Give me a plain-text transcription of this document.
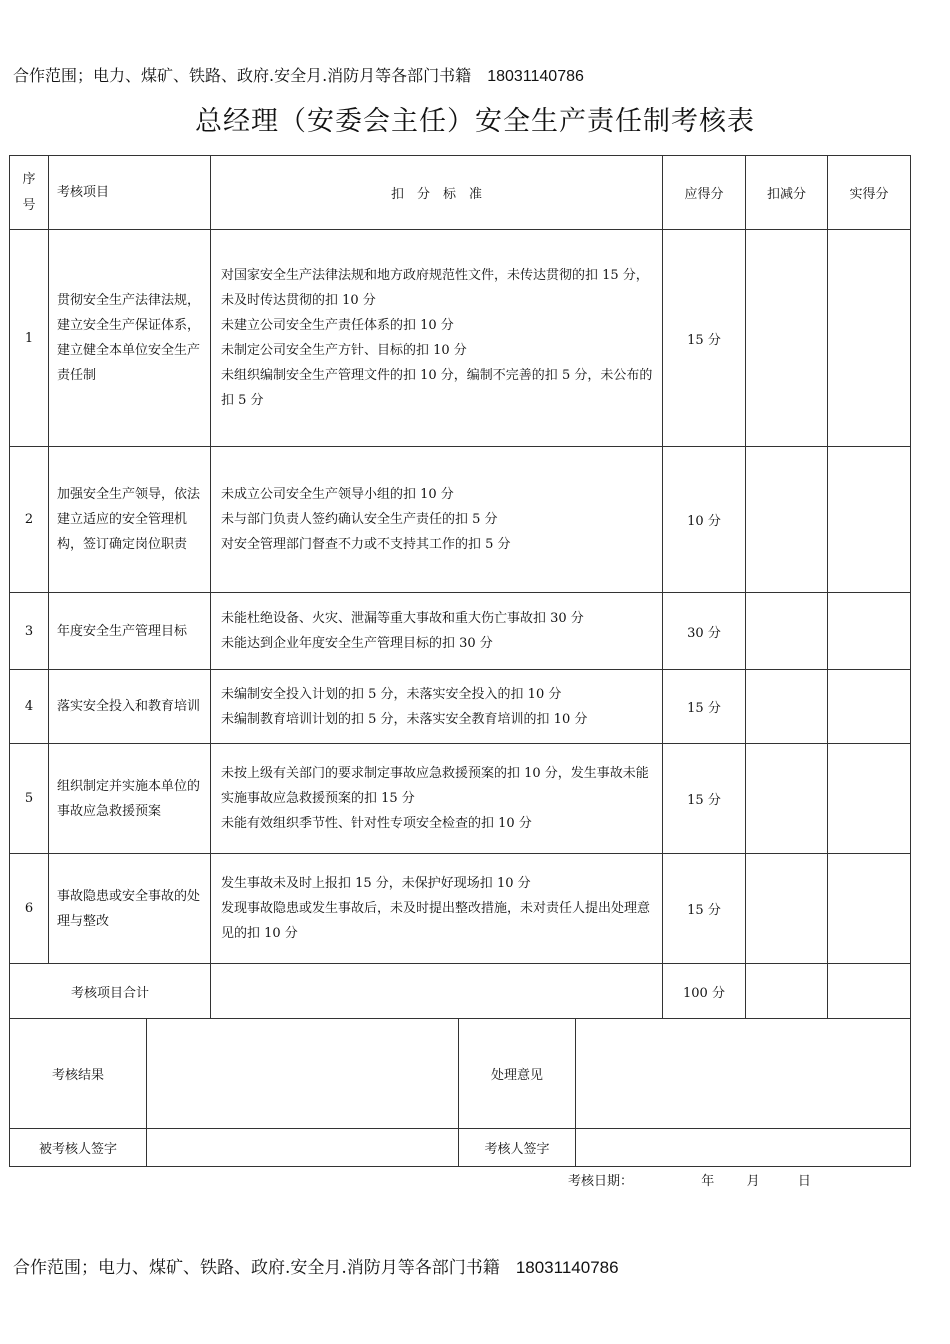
合作范围；电力、煤矿、铁路、政府.安全月.消防月等各部门书籍 18031140786
总经理（安委会主任）安全生产责任制考核表
序号	考核项目	扣　分　标　准	应得分	扣减分	实得分
1	贯彻安全生产法律法规，建立安全生产保证体系，建立健全本单位安全生产责任制	对国家安全生产法律法规和地方政府规范性文件，未传达贯彻的扣 15 分，未及时传达贯彻的扣 10 分
未建立公司安全生产责任体系的扣 10 分
未制定公司安全生产方针、目标的扣 10 分
未组织编制安全生产管理文件的扣 10 分，编制不完善的扣 5 分，未公布的扣 5 分	15 分		
2	加强安全生产领导，依法建立适应的安全管理机构，签订确定岗位职责	未成立公司安全生产领导小组的扣 10 分
未与部门负责人签约确认安全生产责任的扣 5 分
对安全管理部门督查不力或不支持其工作的扣 5 分	10 分		
3	年度安全生产管理目标	未能杜绝设备、火灾、泄漏等重大事故和重大伤亡事故扣 30 分
未能达到企业年度安全生产管理目标的扣 30 分	30 分		
4	落实安全投入和教育培训	未编制安全投入计划的扣 5 分，未落实安全投入的扣 10 分
未编制教育培训计划的扣 5 分，未落实安全教育培训的扣 10 分	15 分		
5	组织制定并实施本单位的事故应急救援预案	未按上级有关部门的要求制定事故应急救援预案的扣 10 分，发生事故未能实施事故应急救援预案的扣 15 分
未能有效组织季节性、针对性专项安全检查的扣 10 分	15 分		
6	事故隐患或安全事故的处理与整改	发生事故未及时上报扣 15 分，未保护好现场扣 10 分
发现事故隐患或发生事故后，未及时提出整改措施，未对责任人提出处理意见的扣 10 分	15 分		
考核项目合计			100 分		
考核结果		处理意见	
被考核人签字		考核人签字	
考核日期：	年 月	日
合作范围；电力、煤矿、铁路、政府.安全月.消防月等各部门书籍 18031140786
